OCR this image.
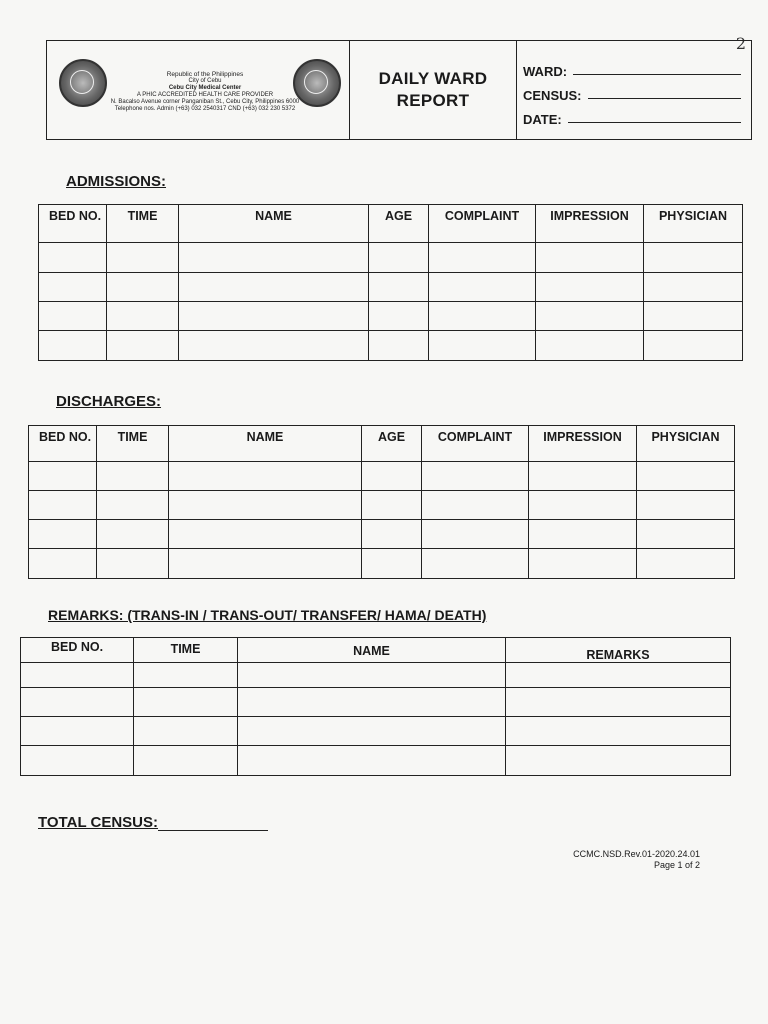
2
Republic of the Philippines
City of Cebu
Cebu City Medical Center
A PHIC ACCREDITED HEALTH CARE PROVIDER
N. Bacalso Avenue corner Panganiban St., Cebu City, Philippines 6000
Telephone nos. Admin (+63) 032 2540317 CND (+63) 032 230 5372
DAILY WARD
REPORT
WARD:
CENSUS:
DATE:
ADMISSIONS:
BED NO.	TIME	NAME	AGE	COMPLAINT	IMPRESSION	PHYSICIAN

DISCHARGES:
BED NO.	TIME	NAME	AGE	COMPLAINT	IMPRESSION	PHYSICIAN

REMARKS: (TRANS-IN / TRANS-OUT/ TRANSFER/ HAMA/ DEATH)
BED NO.	TIME	NAME	REMARKS

TOTAL CENSUS:
CCMC.NSD.Rev.01-2020.24.01
Page 1 of 2
